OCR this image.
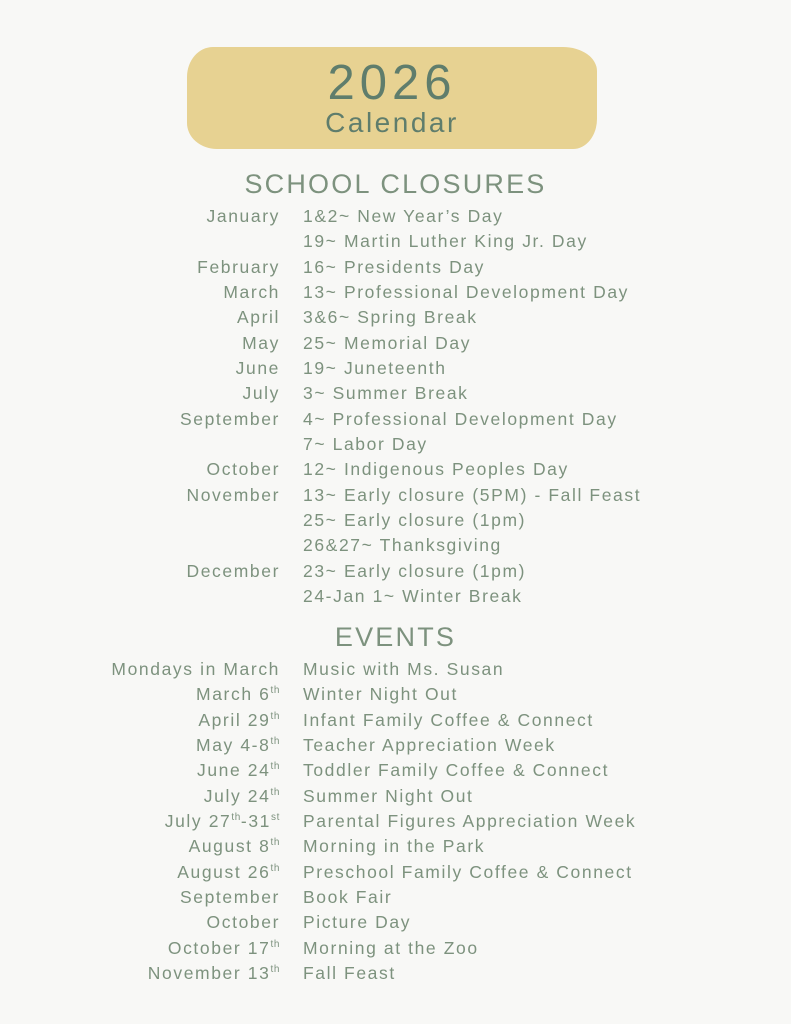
2026
Calendar
SCHOOL CLOSURES
January 1&2~ New Year’s Day
19~ Martin Luther King Jr. Day
February 16~ Presidents Day
March 13~ Professional Development Day
April 3&6~ Spring Break
May 25~ Memorial Day
June 19~ Juneteenth
July 3~ Summer Break
September 4~ Professional Development Day
7~ Labor Day
October 12~ Indigenous Peoples Day
November 13~ Early closure (5PM) - Fall Feast
25~ Early closure (1pm)
26&27~ Thanksgiving
December 23~ Early closure (1pm)
24-Jan 1~ Winter Break
EVENTS
Mondays in March Music with Ms. Susan
March 6th Winter Night Out
April 29th Infant Family Coffee & Connect
May 4-8th Teacher Appreciation Week
June 24th Toddler Family Coffee & Connect
July 24th Summer Night Out
July 27th-31st Parental Figures Appreciation Week
August 8th Morning in the Park
August 26th Preschool Family Coffee & Connect
September Book Fair
October Picture Day
October 17th Morning at the Zoo
November 13th Fall Feast
